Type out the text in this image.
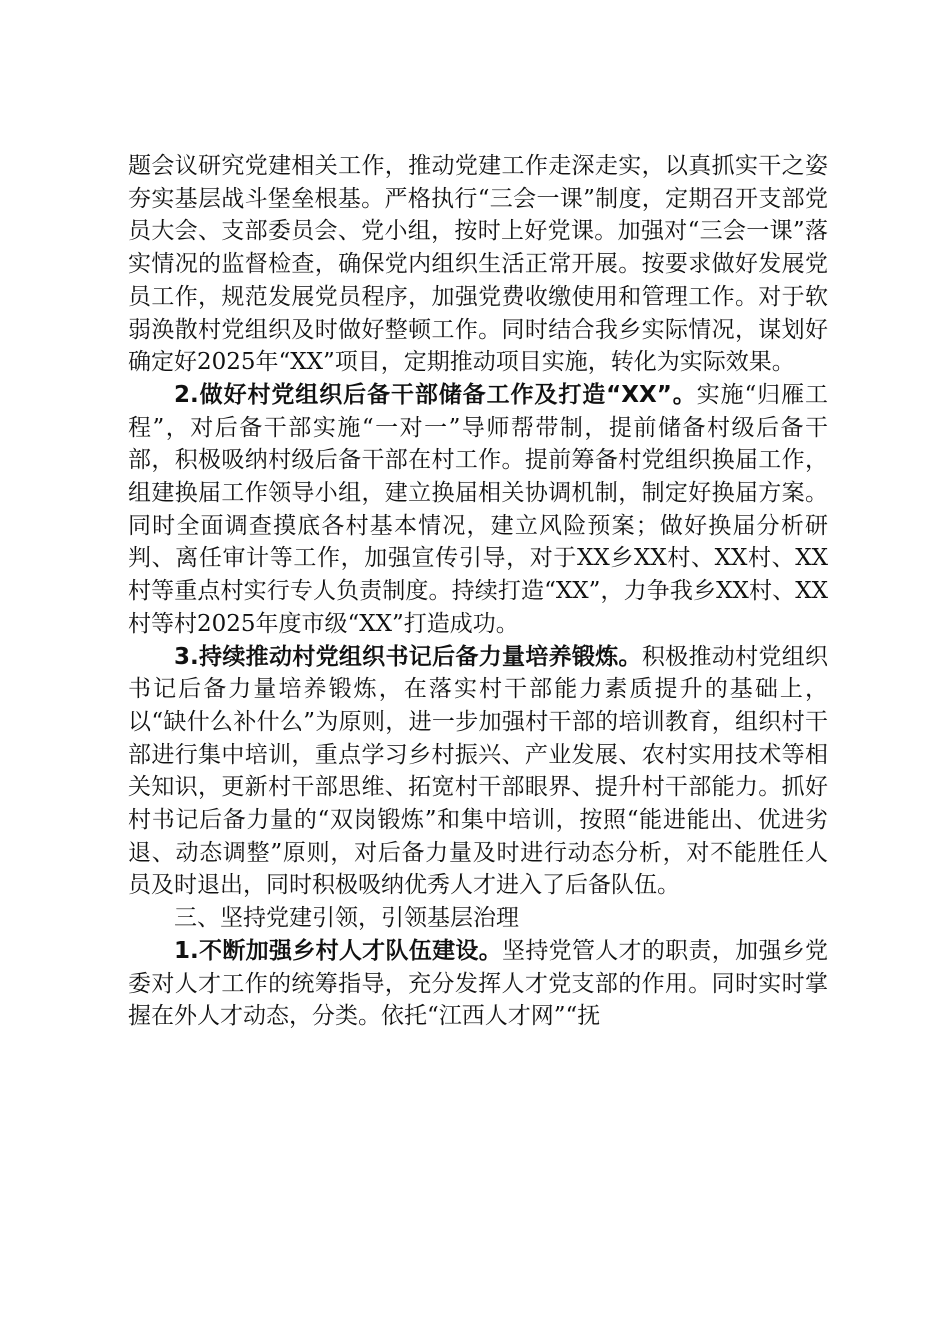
题会议研究党建相关工作，推动党建工作走深走实，以真抓实干之姿夯实基层战斗堡垒根基。严格执行“三会一课”制度，定期召开支部党员大会、支部委员会、党小组，按时上好党课。加强对“三会一课”落实情况的监督检查，确保党内组织生活正常开展。按要求做好发展党员工作，规范发展党员程序，加强党费收缴使用和管理工作。对于软弱涣散村党组织及时做好整顿工作。同时结合我乡实际情况，谋划好确定好2025年“XX”项目，定期推动项目实施，转化为实际效果。

2.做好村党组织后备干部储备工作及打造“XX”。实施“归雁工程”，对后备干部实施“一对一”导师帮带制，提前储备村级后备干部，积极吸纳村级后备干部在村工作。提前筹备村党组织换届工作，组建换届工作领导小组，建立换届相关协调机制，制定好换届方案。同时全面调查摸底各村基本情况，建立风险预案；做好换届分析研判、离任审计等工作，加强宣传引导，对于XX乡XX村、XX村、XX村等重点村实行专人负责制度。持续打造“XX”，力争我乡XX村、XX村等村2025年度市级“XX”打造成功。

3.持续推动村党组织书记后备力量培养锻炼。积极推动村党组织书记后备力量培养锻炼，在落实村干部能力素质提升的基础上，以“缺什么补什么”为原则，进一步加强村干部的培训教育，组织村干部进行集中培训，重点学习乡村振兴、产业发展、农村实用技术等相关知识，更新村干部思维、拓宽村干部眼界、提升村干部能力。抓好村书记后备力量的“双岗锻炼”和集中培训，按照“能进能出、优进劣退、动态调整”原则，对后备力量及时进行动态分析，对不能胜任人员及时退出，同时积极吸纳优秀人才进入了后备队伍。

三、坚持党建引领，引领基层治理

1.不断加强乡村人才队伍建设。坚持党管人才的职责，加强乡党委对人才工作的统筹指导，充分发挥人才党支部的作用。同时实时掌握在外人才动态，分类。依托“江西人才网”“抚
